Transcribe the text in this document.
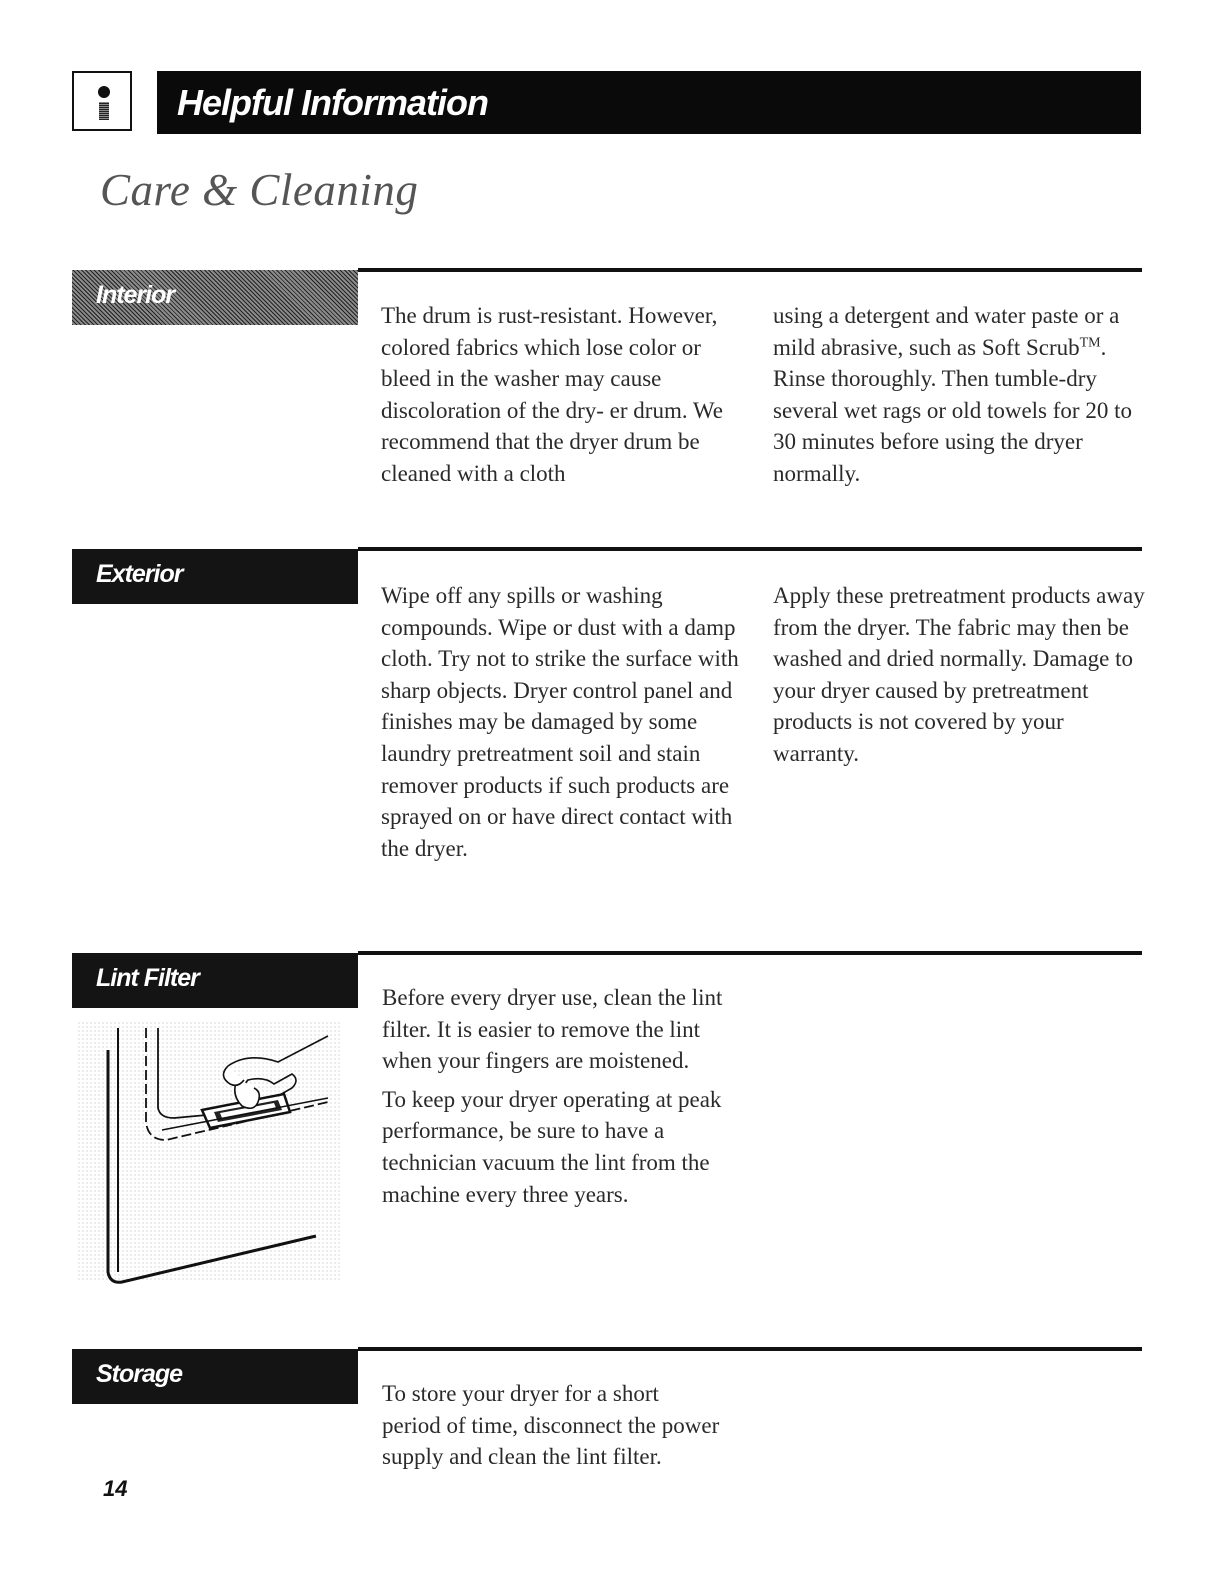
Helpful Information
Care & Cleaning
Interior

The drum is rust-resistant. However, colored fabrics which lose color or bleed in the washer may cause discoloration of the dry- er drum. We recommend that the dryer drum be cleaned with a cloth

using a detergent and water paste or a mild abrasive, such as Soft Scrub™. Rinse thoroughly. Then tumble-dry several wet rags or old towels for 20 to 30 minutes before using the dryer normally.

Exterior

Wipe off any spills or washing compounds. Wipe or dust with a damp cloth. Try not to strike the surface with sharp objects. Dryer control panel and finishes may be damaged by some laundry pretreatment soil and stain remover products if such products are sprayed on or have direct contact with the dryer.

Apply these pretreatment products away from the dryer. The fabric may then be washed and dried normally. Damage to your dryer caused by pretreatment products is not covered by your warranty.

Lint Filter

Before every dryer use, clean the lint filter. It is easier to remove the lint when your fingers are moistened.

To keep your dryer operating at peak performance, be sure to have a technician vacuum the lint from the machine every three years.

Storage

To store your dryer for a short period of time, disconnect the power supply and clean the lint filter.

14
